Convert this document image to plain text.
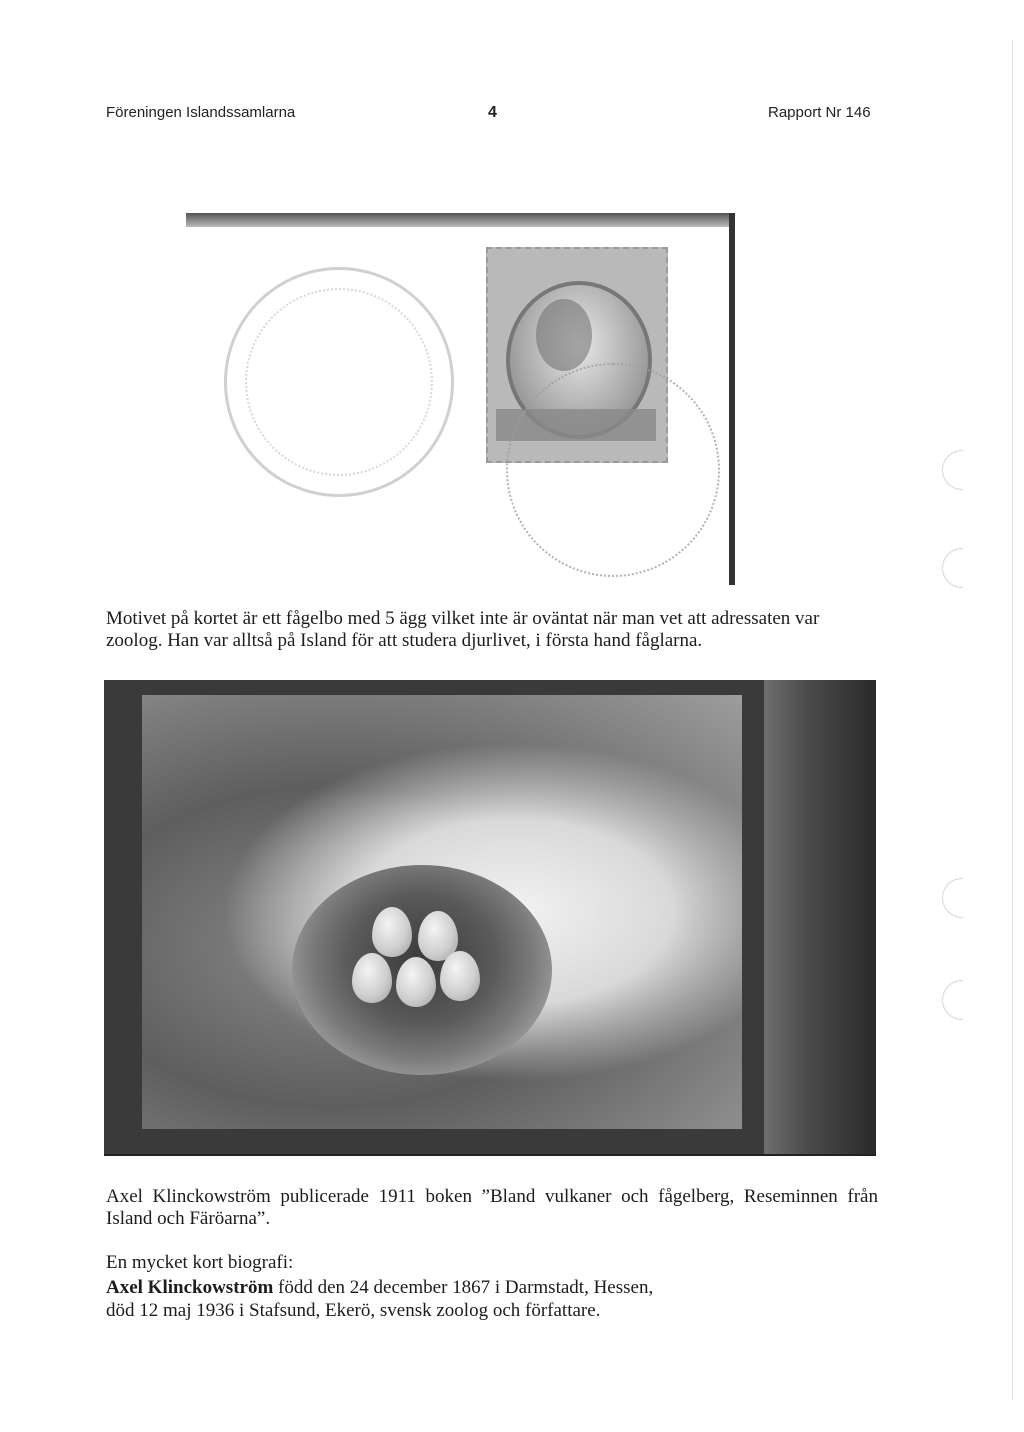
Föreningen Islandssamlarna	4	Rapport Nr 146
Motivet på kortet är ett fågelbo med 5 ägg vilket inte är oväntat när man vet att adressaten var zoolog. Han var alltså på Island för att studera djurlivet, i första hand fåglarna.
Axel Klinckowström publicerade 1911 boken ”Bland vulkaner och fågelberg, Reseminnen från Island och Färöarna”.
En mycket kort biografi:
Axel Klinckowström född den 24 december 1867 i Darmstadt, Hessen,
död 12 maj 1936 i Stafsund, Ekerö, svensk zoolog och författare.
